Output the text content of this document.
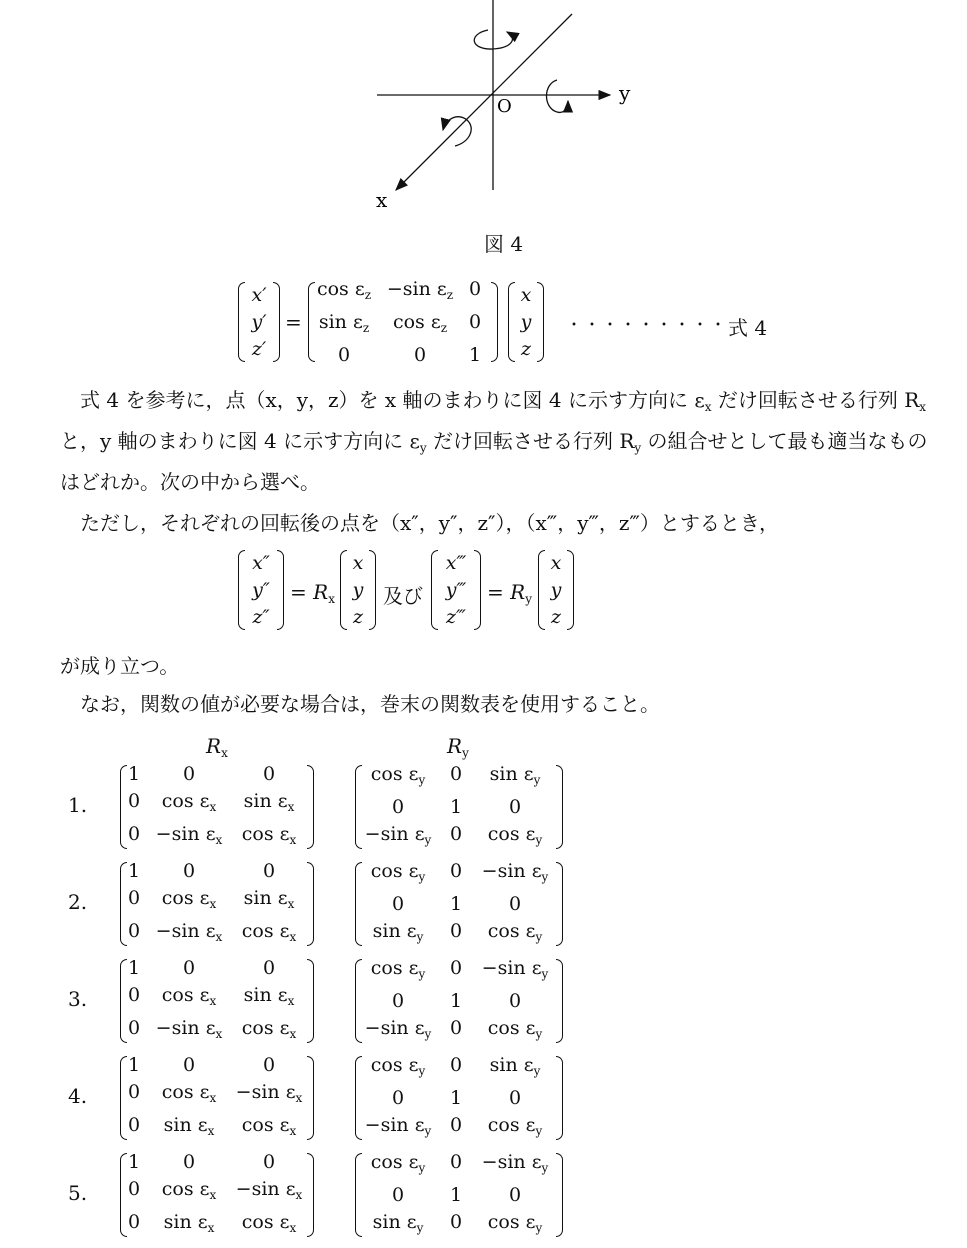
y
x
O
図 4
x′
y′
z′
=
cos εz −sin εz 0
sin εz	cos εz	0
0	0	1
x
y
z
・・・・・・・・・ 式 4
式 4 を参考に，点（x，y，z）を x 軸のまわりに図 4 に示す方向に εx だけ回転させる行列 Rx
と，y 軸のまわりに図 4 に示す方向に εy だけ回転させる行列 Ry の組合せとして最も適当なもの
はどれか。次の中から選べ。
ただし，それぞれの回転後の点を（x″，y″，z″），（x‴，y‴，z‴）とするとき，
x″
y″
z″
= Rx
x
y
z
及び
x‴
y‴
z‴
= Ry
x
y
z
が成り立つ。
なお，関数の値が必要な場合は，巻末の関数表を使用すること。
Rx	Ry
1.
1	0	0
0	cos εx	sin εx
0 −sin εx	cos εx
cos εy	0	sin εy
0	1	0
−sin εy 0	cos εy
2.
1	0	0
0	cos εx	sin εx
0 −sin εx	cos εx
cos εy	0	−sin εy
0	1	0
sin εy	0	cos εy
3.
1	0	0
0	cos εx	sin εx
0 −sin εx	cos εx
cos εy	0	−sin εy
0	1	0
−sin εy 0	cos εy
4.
1	0	0
0	cos εx	−sin εx
0	sin εx	cos εx
cos εy	0	sin εy
0	1	0
−sin εy 0	cos εy
5.
1	0	0
0	cos εx	−sin εx
0	sin εx	cos εx
cos εy	0	−sin εy
0	1	0
sin εy	0	cos εy
